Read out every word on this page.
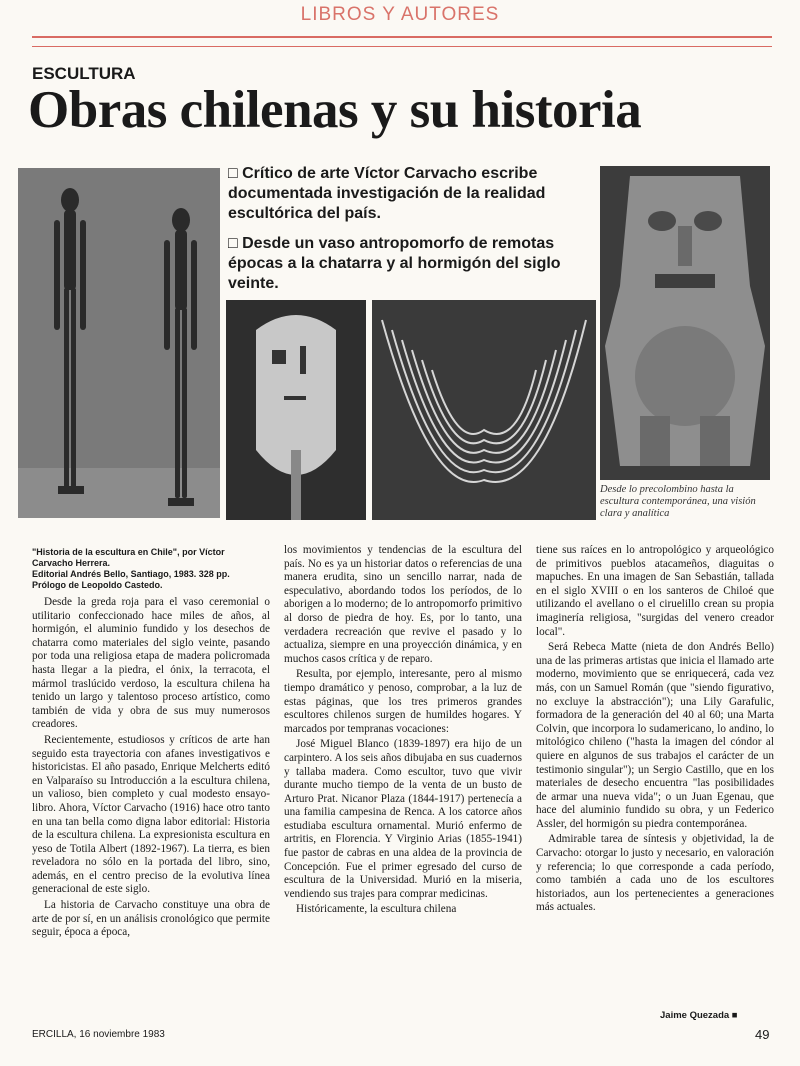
LIBROS Y AUTORES
ESCULTURA
Obras chilenas y su historia
□ Crítico de arte Víctor Carvacho escribe documentada investigación de la realidad escultórica del país.
□ Desde un vaso antropomorfo de remotas épocas a la chatarra y al hormigón del siglo veinte.
Desde lo precolombino hasta la escultura contemporánea, una visión clara y analítica
"Historia de la escultura en Chile", por Víctor Carvacho Herrera.
Editorial Andrés Bello, Santiago, 1983. 328 pp.
Prólogo de Leopoldo Castedo.

Desde la greda roja para el vaso ceremonial o utilitario confeccionado hace miles de años, al hormigón, el aluminio fundido y los desechos de chatarra como materiales del siglo veinte, pasando por toda una religiosa etapa de madera policromada hasta llegar a la piedra, el ónix, la terracota, el mármol traslúcido verdoso, la escultura chilena ha tenido un largo y talentoso proceso artístico, como también de vida y obra de sus muy numerosos creadores.

Recientemente, estudiosos y críticos de arte han seguido esta trayectoria con afanes investigativos e historicistas. El año pasado, Enrique Melcherts editó en Valparaíso su Introducción a la escultura chilena, un valioso, bien completo y cual modesto ensayo-libro. Ahora, Víctor Carvacho (1916) hace otro tanto en una tan bella como digna labor editorial: Historia de la escultura chilena. La expresionista escultura en yeso de Totila Albert (1892-1967). La tierra, es bien reveladora no sólo en la portada del libro, sino, además, en el centro preciso de la evolutiva línea generacional de este siglo.

La historia de Carvacho constituye una obra de arte de por sí, en un análisis cronológico que permite seguir, época a época,

los movimientos y tendencias de la escultura del país. No es ya un historiar datos o referencias de una manera erudita, sino un sencillo narrar, nada de especulativo, abordando todos los períodos, de lo aborigen a lo moderno; de lo antropomorfo primitivo al dorso de piedra de hoy. Es, por lo tanto, una verdadera recreación que revive el pasado y lo actualiza, siempre en una proyección dinámica, y en muchos casos crítica y de reparo.

Resulta, por ejemplo, interesante, pero al mismo tiempo dramático y penoso, comprobar, a la luz de estas páginas, que los tres primeros grandes escultores chilenos surgen de humildes hogares. Y marcados por tempranas vocaciones:

José Miguel Blanco (1839-1897) era hijo de un carpintero. A los seis años dibujaba en sus cuadernos y tallaba madera. Como escultor, tuvo que vivir durante mucho tiempo de la venta de un busto de Arturo Prat. Nicanor Plaza (1844-1917) pertenecía a una familia campesina de Renca. A los catorce años estudiaba escultura ornamental. Murió enfermo de artritis, en Florencia. Y Virginio Arias (1855-1941) fue pastor de cabras en una aldea de la provincia de Concepción. Fue el primer egresado del curso de escultura de la Universidad. Murió en la miseria, vendiendo sus trajes para comprar medicinas.

Históricamente, la escultura chilena

tiene sus raíces en lo antropológico y arqueológico de primitivos pueblos atacameños, diaguitas o mapuches. En una imagen de San Sebastián, tallada en el siglo XVIII o en los santeros de Chiloé que utilizando el avellano o el ciruelillo crean su propia imaginería religiosa, "surgidas del venero creador local".

Será Rebeca Matte (nieta de don Andrés Bello) una de las primeras artistas que inicia el llamado arte moderno, movimiento que se enriquecerá, cada vez más, con un Samuel Román (que "siendo figurativo, no excluye la abstracción"); una Lily Garafulic, formadora de la generación del 40 al 60; una Marta Colvin, que incorpora lo sudamericano, lo andino, lo mitológico chileno ("hasta la imagen del cóndor al quiere en algunos de sus trabajos el carácter de un testimonio singular"); un Sergio Castillo, que en los materiales de desecho encuentra "las posibilidades de armar una nueva vida"; o un Juan Egenau, que hace del aluminio fundido su obra, y un Federico Assler, del hormigón su piedra contemporánea.

Admirable tarea de síntesis y objetividad, la de Carvacho: otorgar lo justo y necesario, en valoración y referencia; lo que corresponde a cada período, como también a cada uno de los escultores historiados, aun los pertenecientes a generaciones más actuales.

Jaime Quezada ■
ERCILLA, 16 noviembre 1983	49
